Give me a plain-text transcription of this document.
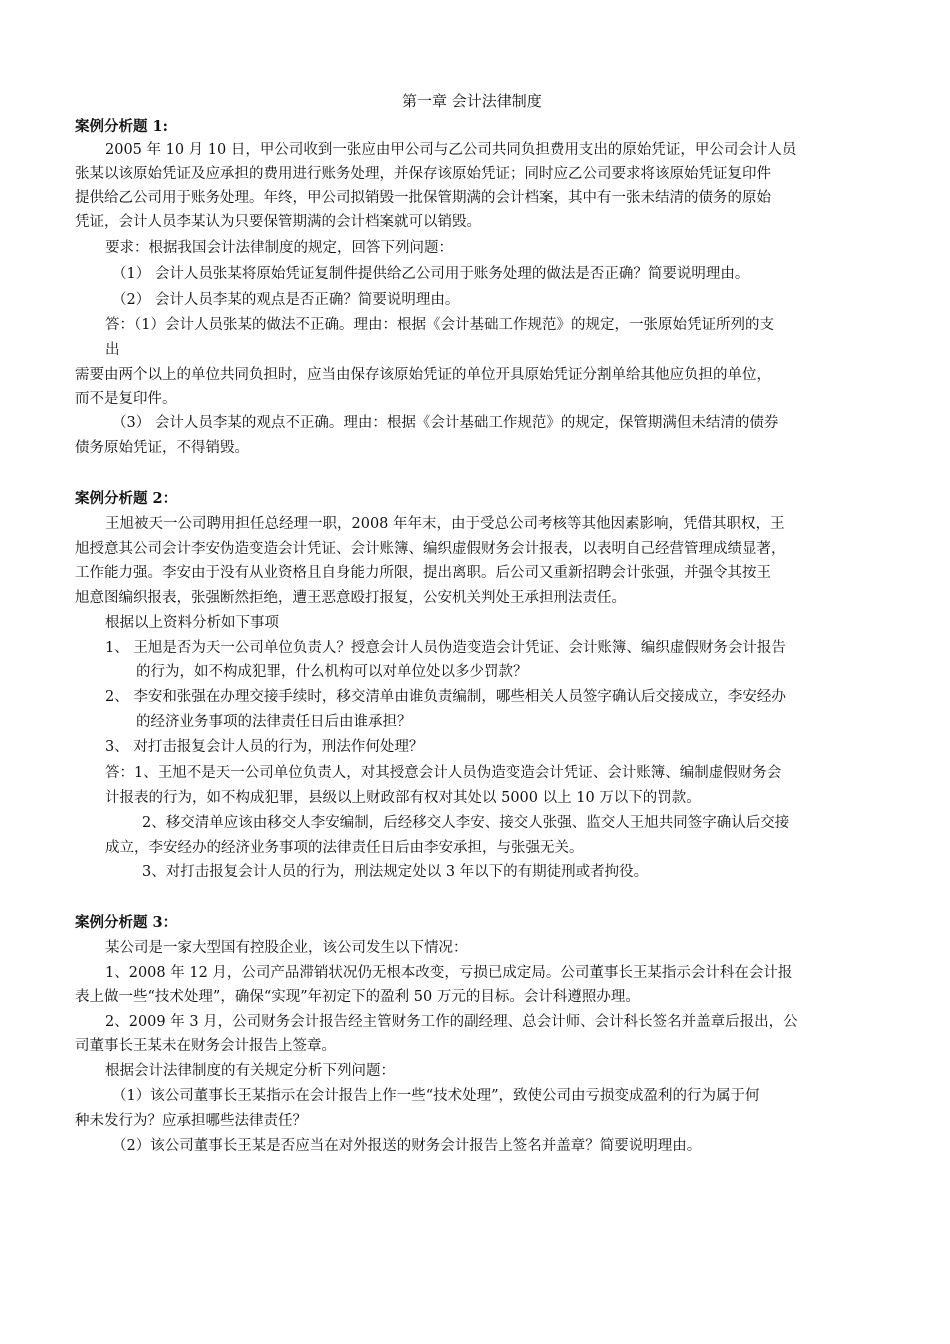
第一章 会计法律制度
案例分析题 1:
2005 年 10 月 10 日，甲公司收到一张应由甲公司与乙公司共同负担费用支出的原始凭证，甲公司会计人员
张某以该原始凭证及应承担的费用进行账务处理，并保存该原始凭证；同时应乙公司要求将该原始凭证复印件
提供给乙公司用于账务处理。年终，甲公司拟销毁一批保管期满的会计档案，其中有一张未结清的债务的原始
凭证，会计人员李某认为只要保管期满的会计档案就可以销毁。
要求：根据我国会计法律制度的规定，回答下列问题：
（1） 会计人员张某将原始凭证复制件提供给乙公司用于账务处理的做法是否正确？简要说明理由。
（2） 会计人员李某的观点是否正确？简要说明理由。
答：（1）会计人员张某的做法不正确。理由：根据《会计基础工作规范》的规定，一张原始凭证所列的支
出
需要由两个以上的单位共同负担时，应当由保存该原始凭证的单位开具原始凭证分割单给其他应负担的单位，
而不是复印件。
（3） 会计人员李某的观点不正确。理由：根据《会计基础工作规范》的规定，保管期满但未结清的债券
债务原始凭证，不得销毁。
案例分析题 2：
王旭被天一公司聘用担任总经理一职，2008 年年末，由于受总公司考核等其他因素影响，凭借其职权，王
旭授意其公司会计李安伪造变造会计凭证、会计账簿、编织虚假财务会计报表，以表明自己经营管理成绩显著，
工作能力强。李安由于没有从业资格且自身能力所限，提出离职。后公司又重新招聘会计张强，并强令其按王
旭意图编织报表，张强断然拒绝，遭王恶意殴打报复，公安机关判处王承担刑法责任。
根据以上资料分析如下事项
1、 王旭是否为天一公司单位负责人？授意会计人员伪造变造会计凭证、会计账簿、编织虚假财务会计报告
的行为，如不构成犯罪，什么机构可以对单位处以多少罚款？
2、 李安和张强在办理交接手续时，移交清单由谁负责编制，哪些相关人员签字确认后交接成立，李安经办
的经济业务事项的法律责任日后由谁承担？
3、 对打击报复会计人员的行为，刑法作何处理？
答：1、王旭不是天一公司单位负责人，对其授意会计人员伪造变造会计凭证、会计账簿、编制虚假财务会
计报表的行为，如不构成犯罪，县级以上财政部有权对其处以 5000 以上 10 万以下的罚款。
2、移交清单应该由移交人李安编制，后经移交人李安、接交人张强、监交人王旭共同签字确认后交接
成立，李安经办的经济业务事项的法律责任日后由李安承担，与张强无关。
3、对打击报复会计人员的行为，刑法规定处以 3 年以下的有期徒刑或者拘役。
案例分析题 3：
某公司是一家大型国有控股企业，该公司发生以下情况：
1、2008 年 12 月，公司产品滞销状况仍无根本改变，亏损已成定局。公司董事长王某指示会计科在会计报
表上做一些“技术处理”，确保“实现”年初定下的盈利 50 万元的目标。会计科遵照办理。
2、2009 年 3 月，公司财务会计报告经主管财务工作的副经理、总会计师、会计科长签名并盖章后报出，公
司董事长王某未在财务会计报告上签章。
根据会计法律制度的有关规定分析下列问题：
（1）该公司董事长王某指示在会计报告上作一些“技术处理”，致使公司由亏损变成盈利的行为属于何
种未发行为？应承担哪些法律责任？
（2）该公司董事长王某是否应当在对外报送的财务会计报告上签名并盖章？简要说明理由。
